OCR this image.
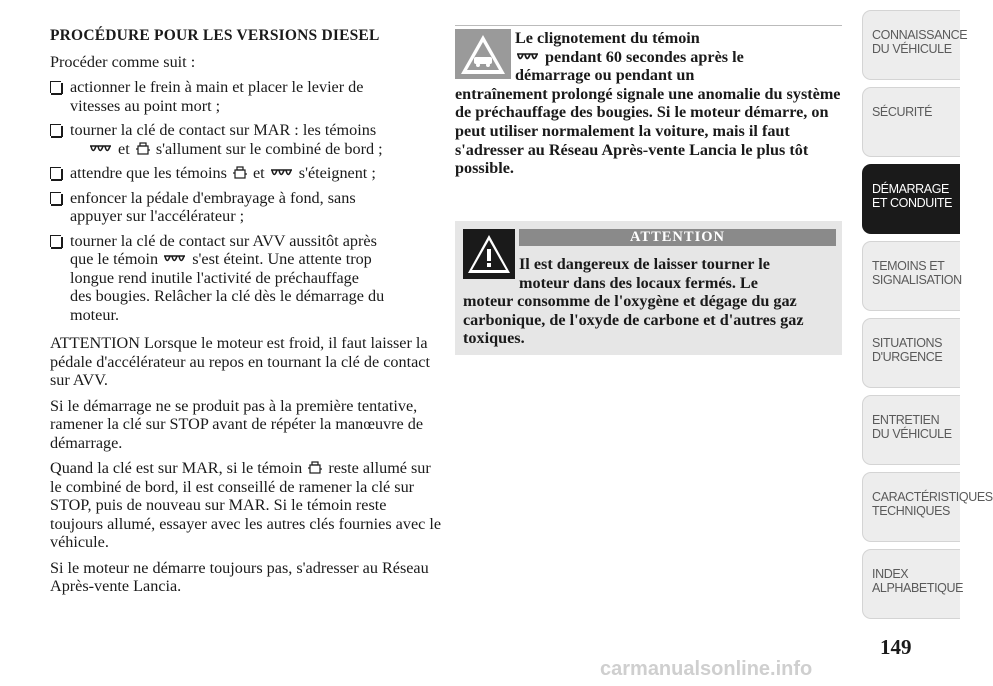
PROCÉDURE POUR LES VERSIONS DIESEL
Procéder comme suit :
actionner le frein à main et placer le levier de
vitesses au point mort ;
tourner la clé de contact sur MAR : les témoins
et s'allument sur le combiné de bord ;
attendre que les témoins et s'éteignent ;
enfoncer la pédale d'embrayage à fond, sans
appuyer sur l'accélérateur ;
tourner la clé de contact sur AVV aussitôt après
que le témoin s'est éteint. Une attente trop
longue rend inutile l'activité de préchauffage
des bougies. Relâcher la clé dès le démarrage du
moteur.
ATTENTION Lorsque le moteur est froid, il faut laisser la pédale d'accélérateur au repos en tournant la clé de contact sur AVV.
Si le démarrage ne se produit pas à la première tentative, ramener la clé sur STOP avant de répéter la manœuvre de démarrage.
Quand la clé est sur MAR, si le témoin reste allumé sur le combiné de bord, il est conseillé de ramener la clé sur STOP, puis de nouveau sur MAR. Si le témoin reste toujours allumé, essayer avec les autres clés fournies avec le véhicule.
Si le moteur ne démarre toujours pas, s'adresser au Réseau Après-vente Lancia.
Le clignotement du témoin
pendant 60 secondes après le
démarrage ou pendant un
entraînement prolongé signale une anomalie du système de préchauffage des bougies. Si le moteur démarre, on peut utiliser normalement la voiture, mais il faut s'adresser au Réseau Après-vente Lancia le plus tôt possible.
ATTENTION
Il est dangereux de laisser tourner le
moteur dans des locaux fermés. Le
moteur consomme de l'oxygène et dégage du gaz carbonique, de l'oxyde de carbone et d'autres gaz toxiques.
CONNAISSANCE DU VÉHICULE
SÉCURITÉ
DÉMARRAGE ET CONDUITE
TEMOINS ET SIGNALISATION
SITUATIONS D'URGENCE
ENTRETIEN DU VÉHICULE
CARACTÉRISTIQUES TECHNIQUES
INDEX ALPHABETIQUE
149
carmanualsonline.info
